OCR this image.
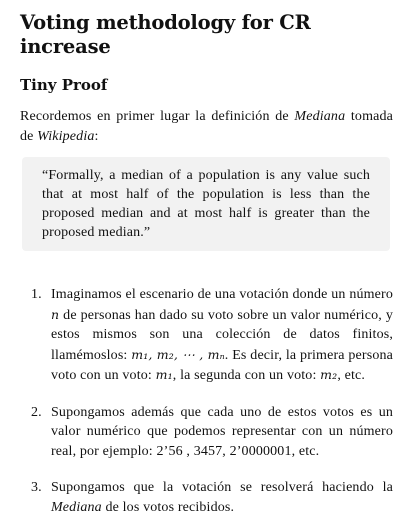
Voting methodology for CR increase
Tiny Proof

Recordemos en primer lugar la definición de Mediana tomada de Wikipedia:

“Formally, a median of a population is any value such that at most half of the population is less than the proposed median and at most half is greater than the proposed median.”
1. Imaginamos el escenario de una votación donde un número n de personas han dado su voto sobre un valor numérico, y estos mismos son una colección de datos finitos, llamémoslos: m₁, m₂, ⋯ , mₙ. Es decir, la primera persona voto con un voto: m₁, la segunda con un voto: m₂, etc.
2. Supongamos además que cada uno de estos votos es un valor numérico que podemos representar con un número real, por ejemplo: 2’56 , 3457, 2’0000001, etc.
3. Supongamos que la votación se resolverá haciendo la Mediana de los votos recibidos.
